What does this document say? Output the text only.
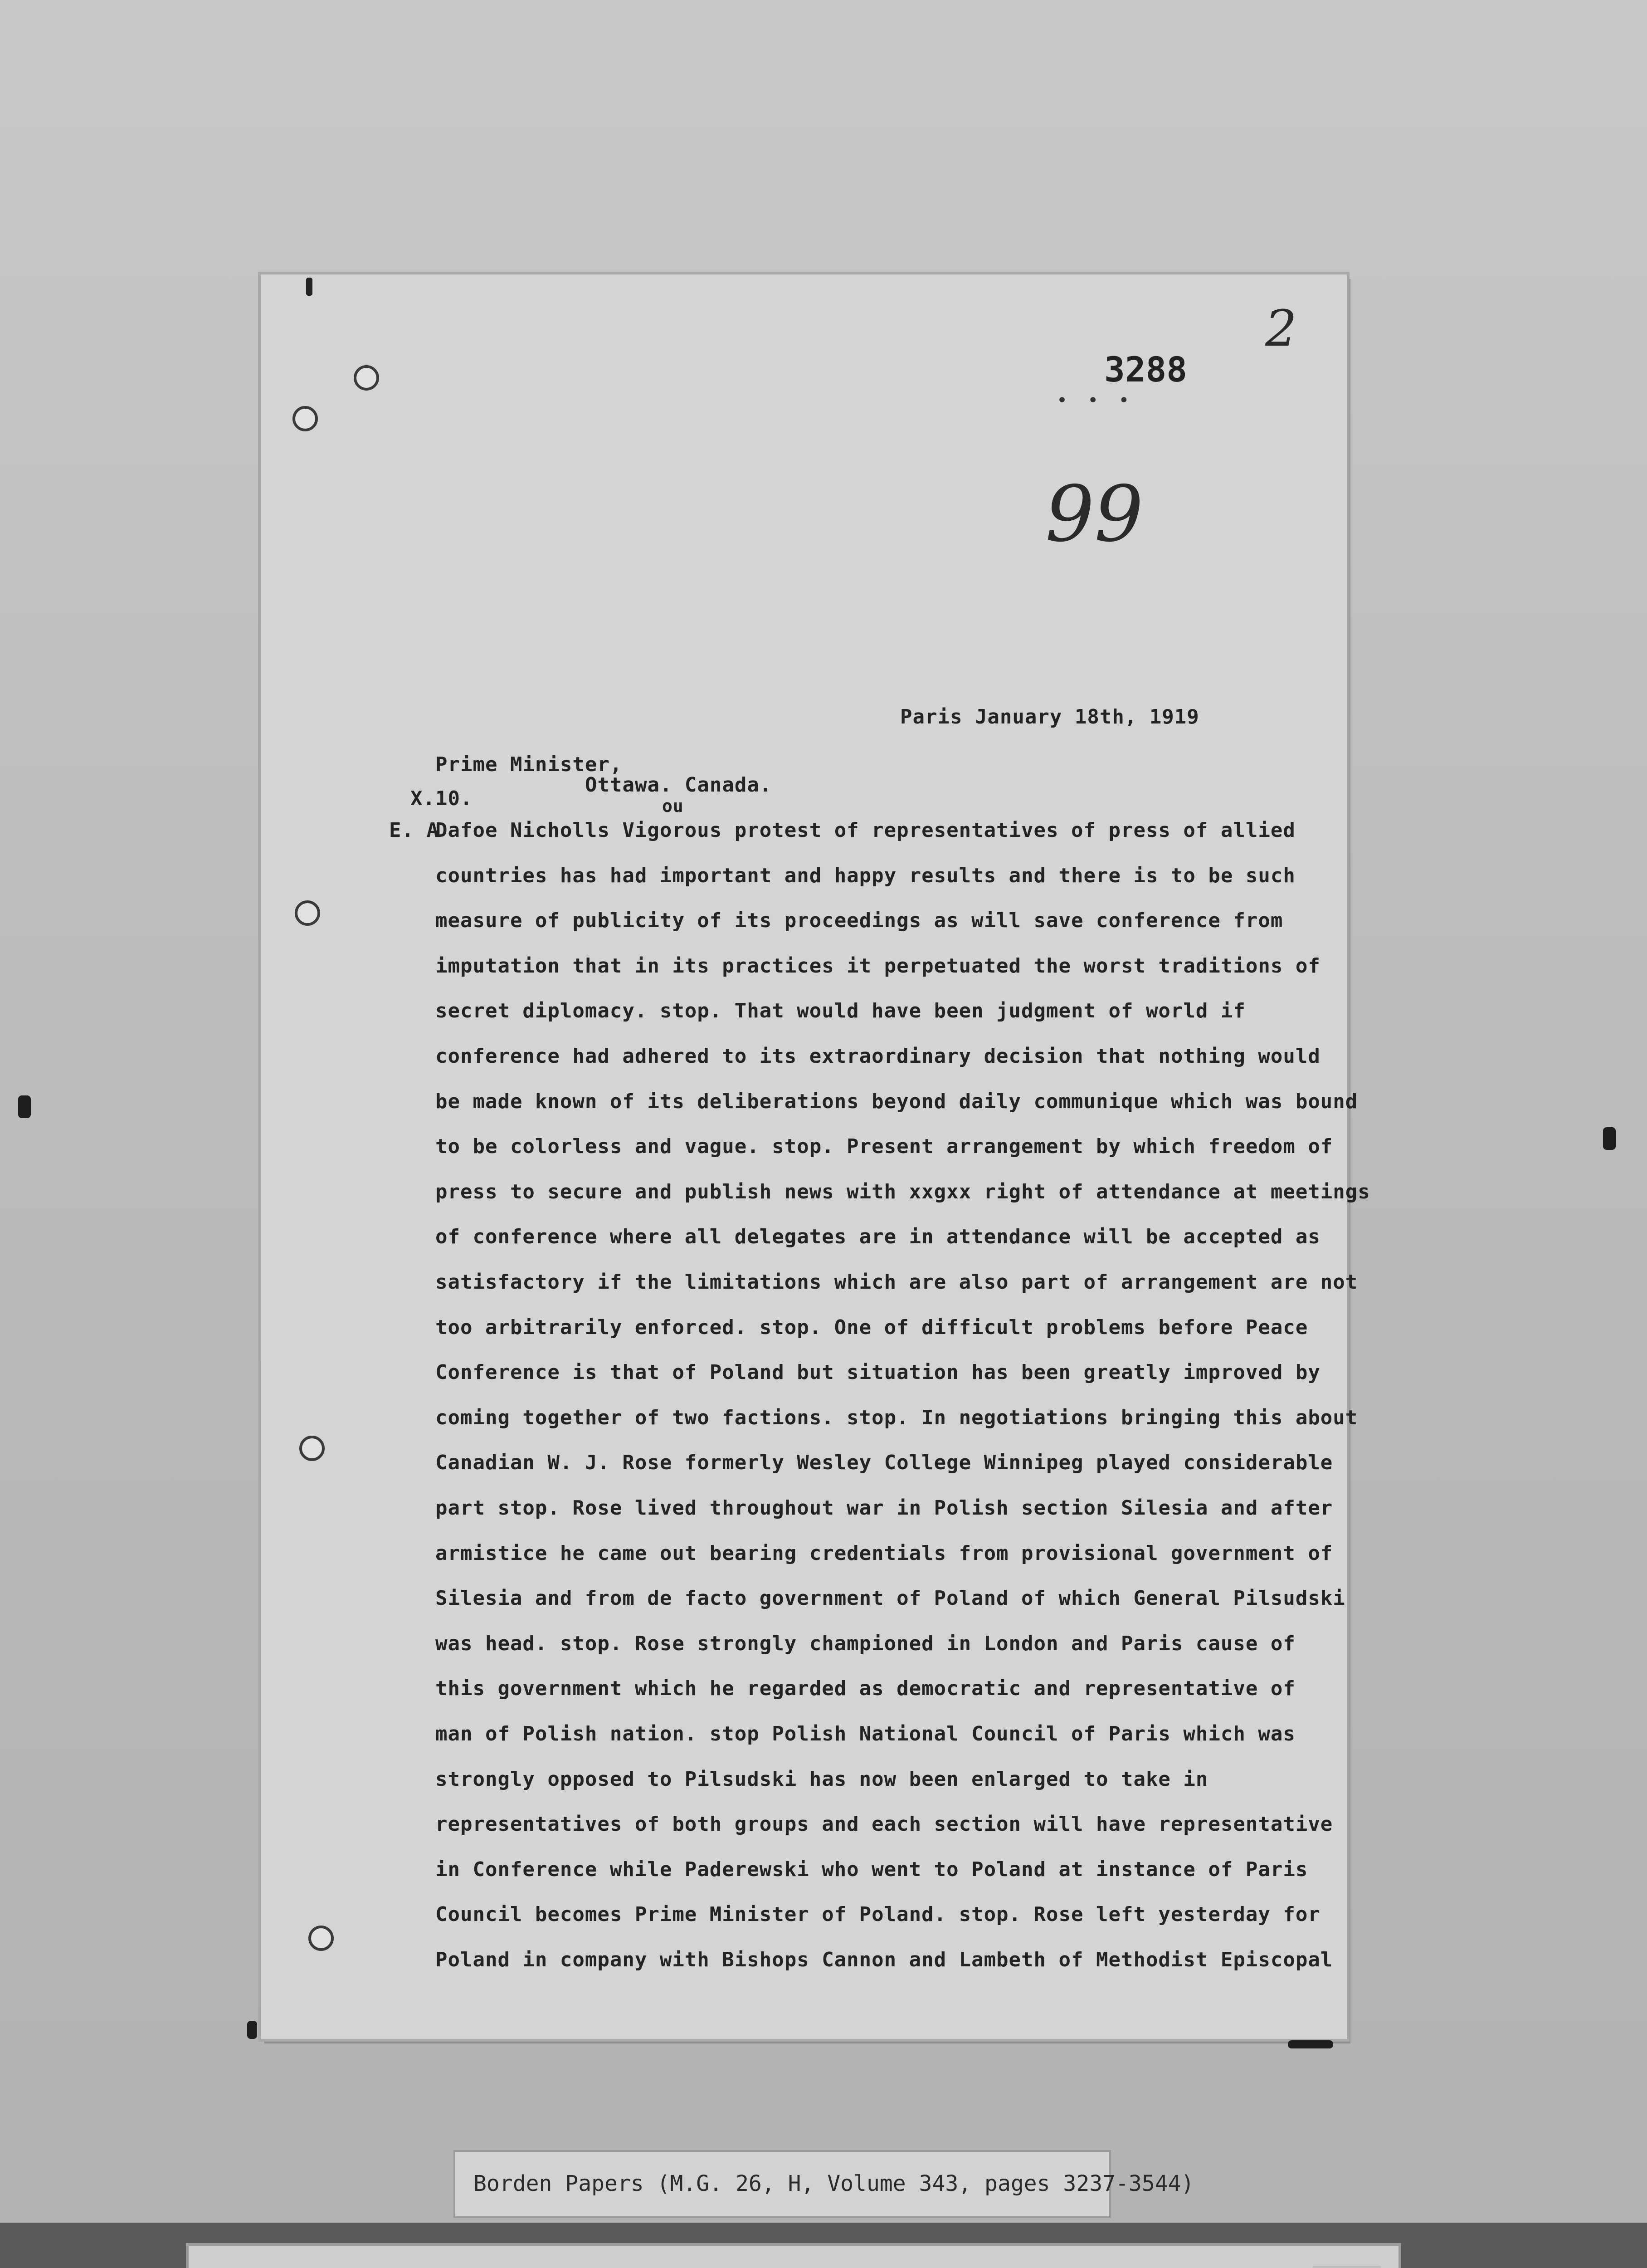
• • •
3288
2
99
Paris January 18th, 1919
Prime Minister,
Ottawa. Canada.
X.10.	ou
E. A
Dafoe Nicholls Vigorous protest of representatives of press of allied
countries has had important and happy results and there is to be such
measure of publicity of its proceedings as will save conference from
imputation that in its practices it perpetuated the worst traditions of
secret diplomacy. stop. That would have been judgment of world if
conference had adhered to its extraordinary decision that nothing would
be made known of its deliberations beyond daily communique which was bound
to be colorless and vague. stop. Present arrangement by which freedom of
press to secure and publish news with xxgxx right of attendance at meetings
of conference where all delegates are in attendance will be accepted as
satisfactory if the limitations which are also part of arrangement are not
too arbitrarily enforced. stop. One of difficult problems before Peace
Conference is that of Poland but situation has been greatly improved by
coming together of two factions. stop. In negotiations bringing this about
Canadian W. J. Rose formerly Wesley College Winnipeg played considerable
part stop. Rose lived throughout war in Polish section Silesia and after
armistice he came out bearing credentials from provisional government of
Silesia and from de facto government of Poland of which General Pilsudski
was head. stop. Rose strongly championed in London and Paris cause of
this government which he regarded as democratic and representative of
man of Polish nation. stop Polish National Council of Paris which was
strongly opposed to Pilsudski has now been enlarged to take in
representatives of both groups and each section will have representative
in Conference while Paderewski who went to Poland at instance of Paris
Council becomes Prime Minister of Poland. stop. Rose left yesterday for
Poland in company with Bishops Cannon and Lambeth of Methodist Episcopal
Borden Papers (M.G. 26, H, Volume 343, pages 3237-3544)
